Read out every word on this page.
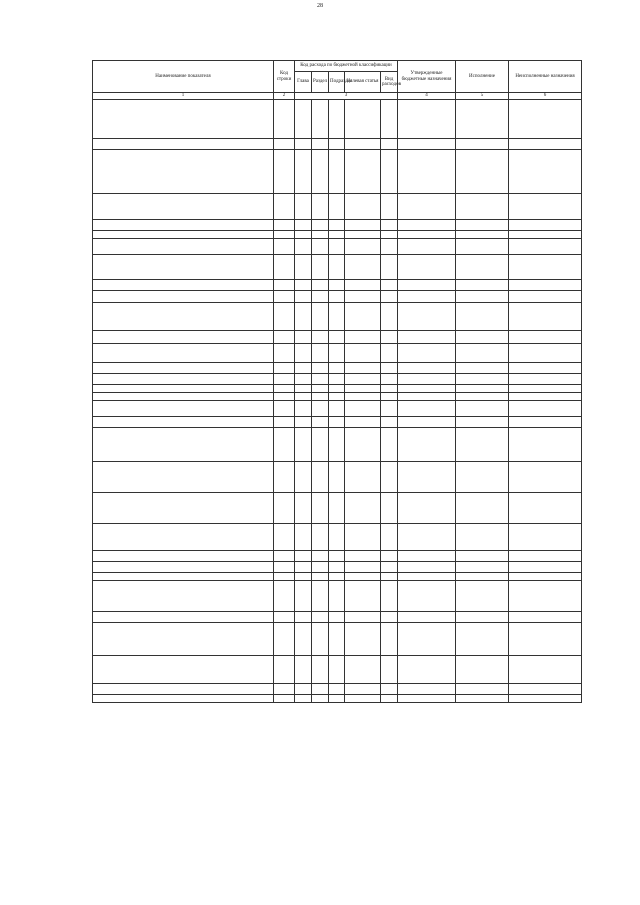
28
Наименование показателя	Код строки	Код расхода по бюджетной классификации					Утвержденные бюджетные назначения	Исполнение	Неисполненные назначения
		Глава	Раздел	Подраздел	Целевая статья	Вид расходов			
1	2	3					4	5	6
